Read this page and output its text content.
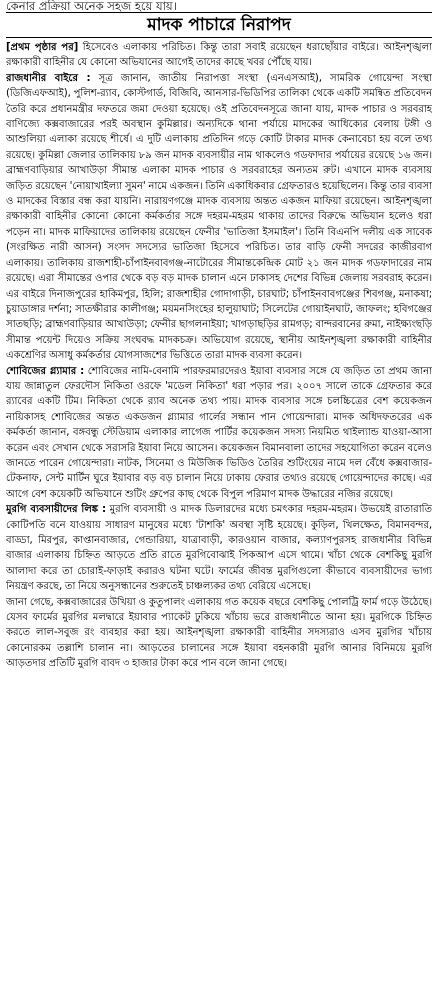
কেনার প্রক্রিয়া অনেক সহজ হয়ে যায়।
মাদক পাচারে নিরাপদ

[প্রথম পৃষ্ঠার পর] হিসেবেও এলাকায় পরিচিত। কিন্তু তারা সবাই রয়েছেন ধরাছোঁয়ার বাইরে। আইনশৃঙ্খলা রক্ষাকারী বাহিনীর যে কোনো অভিযানের আগেই তাদের কাছে খবর পৌঁছে যায়।

রাজধানীর বাইরে : সূত্র জানান, জাতীয় নিরাপত্তা সংস্থা (এনএসআই), সামরিক গোয়েন্দা সংস্থা (ডিজিএফআই), পুলিশ-র‍্যাব, কোস্টগার্ড, বিজিবি, আনসার-ভিডিপির তালিকা থেকে একটি সমন্বিত প্রতিবেদন তৈরি করে প্রধানমন্ত্রীর দফতরে জমা দেওয়া হয়েছে। ওই প্রতিবেদনসূত্রে জানা যায়, মাদক পাচার ও সরবরাহ বাণিজ্যে কক্সবাজারের পরই অবস্থান কুমিল্লার। অন্যদিকে থানা পর্যায়ে মাদকের আধিক্যের বেলায় টঙ্গী ও আশুলিয়া এলাকা রয়েছে শীর্ষে। এ দুটি এলাকায় প্রতিদিন গড়ে কোটি টাকার মাদক কেনাবেচা হয় বলে তথ্য রয়েছে। কুমিল্লা জেলার তালিকায় ৮৯ জন মাদক ব্যবসায়ীর নাম থাকলেও গডফাদার পর্যায়ের রয়েছে ১৬ জন। ব্রাহ্মণবাড়িয়ার আখাউড়া সীমান্ত এলাকা মাদক পাচার ও সরবরাহের অন্যতম রুট। এখানে মাদক ব্যবসায় জড়িত রয়েছেন 'নোয়াখাইল্যা সুমন' নামে একজন। তিনি একাধিকবার গ্রেফতারও হয়েছিলেন। কিন্তু তার ব্যবসা ও মাদকের বিস্তার বন্ধ করা যায়নি। নারায়ণগঞ্জে মাদক ব্যবসায় অন্তত একজন মাফিয়া রয়েছেন। আইনশৃঙ্খলা রক্ষাকারী বাহিনীর কোনো কোনো কর্মকর্তার সঙ্গে দহরম-মহরম থাকায় তাদের বিরুদ্ধে অভিযান হলেও ধরা পড়েন না। মাদক মাফিয়াদের তালিকায় রয়েছেন ফেনীর 'ভাতিজা ইসমাইল'। তিনি বিএনপি দলীয় এক সাবেক (সংরক্ষিত নারী আসন) সংসদ সদস্যের ভাতিজা হিসেবে পরিচিত। তার বাড়ি ফেনী সদরের কাজীরবাগ এলাকায়। তালিকায় রাজশাহী-চাঁপাইনবাবগঞ্জ-নাটোরের সীমান্তকেন্দ্রিক মোট ২১ জন মাদক গডফাদারের নাম রয়েছে। এরা সীমান্তের ওপার থেকে বড় বড় মাদক চালান এনে ঢাকাসহ দেশের বিভিন্ন জেলায় সরবরাহ করেন। এর বাইরে দিনাজপুরের হাকিমপুর, হিলি; রাজশাহীর গোদাগাড়ী, চারঘাট; চাঁপাইনবাবগঞ্জের শিবগঞ্জ, মনাকষা; চুয়াডাঙ্গার দর্শনা; সাতক্ষীরার কালীগঞ্জ; ময়মনসিংহের হালুয়াঘাট; সিলেটের গোয়াইনঘাট, জাফলং; হবিগঞ্জের সাতছড়ি; ব্রাহ্মণবাড়িয়ার আখাউড়া; ফেনীর ছাগলনাইয়া; খাগড়াছড়ির রামগড়; বান্দরবানের রুমা, নাইক্ষ্যংছড়ি সীমান্ত পয়েন্ট দিয়েও সক্রিয় সংঘবদ্ধ মাদকচক্র। অভিযোগ রয়েছে, স্থানীয় আইনশৃঙ্খলা রক্ষাকারী বাহিনীর একশ্রেণির অসাধু কর্মকর্তার যোগসাজশের ভিত্তিতে তারা মাদক ব্যবসা করেন।

শোবিজের গ্ল্যামার : শোবিজের নামি-বেনামি পারফরমারদেরও ইয়াবা ব্যবসার সঙ্গে যে জড়িত তা প্রথম জানা যায় জান্নাতুল ফেরদৌস নিকিতা ওরফে 'মডেল নিকিতা' ধরা পড়ার পর। ২০০৭ সালে তাকে গ্রেফতার করে র‍্যাবের একটি টিম। নিকিতা থেকে র‍্যাব অনেক তথ্য পায়। মাদক ব্যবসার সঙ্গে চলচ্চিত্রের বেশ কয়েকজন নায়িকাসহ শোবিজের অন্তত একডজন গ্ল্যামার গার্লের সন্ধান পান গোয়েন্দারা। মাদক অধিদফতরের এক কর্মকর্তা জানান, বঙ্গবন্ধু স্টেডিয়াম এলাকার লাগেজ পার্টির কয়েকজন সদস্য নিয়মিত থাইল্যান্ড যাওয়া-আসা করেন এবং সেখান থেকে সরাসরি ইয়াবা নিয়ে আসেন। কয়েকজন বিমানবালা তাদের সহযোগিতা করেন বলেও জানতে পারেন গোয়েন্দারা। নাটক, সিনেমা ও মিউজিক ভিডিও তৈরির শুটিংয়ের নামে দল বেঁধে কক্সবাজার-টেকনাফ, সেন্ট মার্টিন ঘুরে ইয়াবার বড় বড় চালান নিয়ে ঢাকায় ফেরার তথ্যও রয়েছে গোয়েন্দাদের কাছে। এর আগে বেশ কয়েকটি অভিযানে শুটিং গ্রুপের কাছ থেকে বিপুল পরিমাণ মাদক উদ্ধারের নজির রয়েছে।

মুরগি ব্যবসায়ীদের লিঙ্ক : মুরগি ব্যবসায়ী ও মাদক ডিলারদের মধ্যে চমৎকার দহরম-মহরম। উভয়েই রাতারাতি কোটিপতি বনে যাওয়ায় সাধারণ মানুষের মধ্যে 'টাশকি' অবস্থা সৃষ্টি হয়েছে। কুড়িল, খিলক্ষেত, বিমানবন্দর, বাড্ডা, মিরপুর, কাপ্তানবাজার, গেন্ডারিয়া, যাত্রাবাড়ী, কারওয়ান বাজার, কল্যাণপুরসহ রাজধানীর বিভিন্ন বাজার এলাকায় চিহ্নিত আড়তে প্রতি রাতে মুরগিবোঝাই পিকআপ এসে থামে। খাঁচা থেকে বেশকিছু মুরগি আলাদা করে তা চোরাই-ফাড়াই করারও ঘটনা ঘটে। ফার্মের জীবন্ত মুরগিগুলো কীভাবে ব্যবসায়ীদের ভাগ্য নিয়ন্ত্রণ করছে, তা নিয়ে অনুসন্ধানের শুরুতেই চাঞ্চল্যকর তথ্য বেরিয়ে এসেছে।

জানা গেছে, কক্সবাজারের উখিয়া ও কুতুপালং এলাকায় গত কয়েক বছরে বেশকিছু পোলট্রি ফার্ম গড়ে উঠেছে। যেসব ফার্মের মুরগির মলদ্বারে ইয়াবার প্যাকেট ঢুকিয়ে খাঁচায় ভরে রাজধানীতে আনা হয়। মুরগিকে চিহ্নিত করতে লাল-সবুজ রং ব্যবহার করা হয়। আইনশৃঙ্খলা রক্ষাকারী বাহিনীর সদস্যরাও এসব মুরগির খাঁচায় কোনোরকম তল্লাশি চালান না। আড়তের চালানের সঙ্গে ইয়াবা বহনকারী মুরগি আনার বিনিময়ে মুরগি আড়তদার প্রতিটি মুরগি বাবদ ৩ হাজার টাকা করে পান বলে জানা গেছে।
